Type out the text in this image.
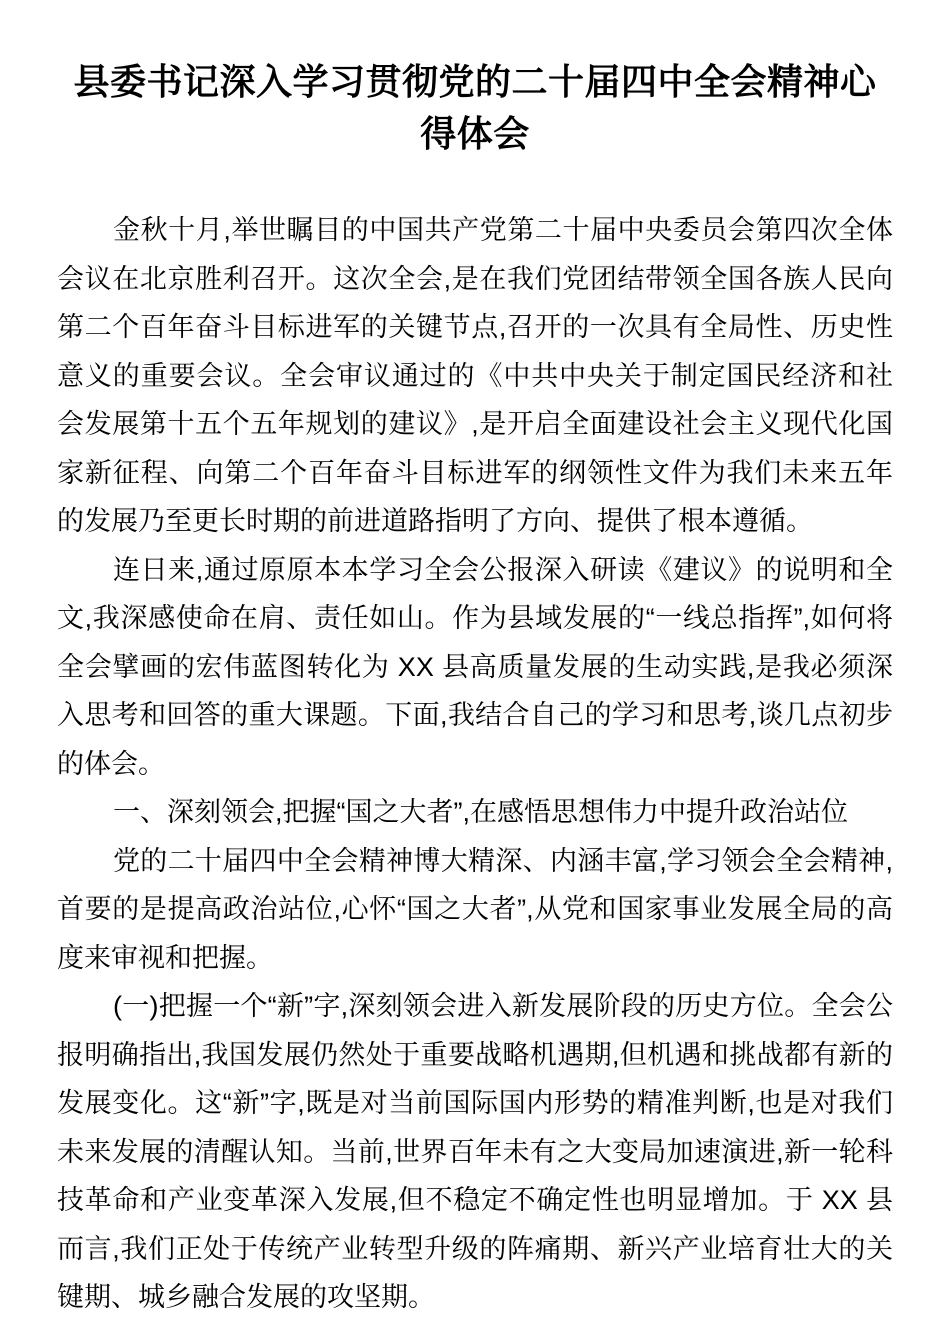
县委书记深入学习贯彻党的二十届四中全会精神心得体会

金秋十月,举世瞩目的中国共产党第二十届中央委员会第四次全体会议在北京胜利召开。这次全会,是在我们党团结带领全国各族人民向第二个百年奋斗目标进军的关键节点,召开的一次具有全局性、历史性意义的重要会议。全会审议通过的《中共中央关于制定国民经济和社会发展第十五个五年规划的建议》,是开启全面建设社会主义现代化国家新征程、向第二个百年奋斗目标进军的纲领性文件为我们未来五年的发展乃至更长时期的前进道路指明了方向、提供了根本遵循。

连日来,通过原原本本学习全会公报深入研读《建议》的说明和全文,我深感使命在肩、责任如山。作为县域发展的“一线总指挥”,如何将全会擘画的宏伟蓝图转化为 XX 县高质量发展的生动实践,是我必须深入思考和回答的重大课题。下面,我结合自己的学习和思考,谈几点初步的体会。

一、深刻领会,把握“国之大者”,在感悟思想伟力中提升政治站位

党的二十届四中全会精神博大精深、内涵丰富,学习领会全会精神,首要的是提高政治站位,心怀“国之大者”,从党和国家事业发展全局的高度来审视和把握。

(一)把握一个“新”字,深刻领会进入新发展阶段的历史方位。全会公报明确指出,我国发展仍然处于重要战略机遇期,但机遇和挑战都有新的发展变化。这“新”字,既是对当前国际国内形势的精准判断,也是对我们未来发展的清醒认知。当前,世界百年未有之大变局加速演进,新一轮科技革命和产业变革深入发展,但不稳定不确定性也明显增加。于 XX 县而言,我们正处于传统产业转型升级的阵痛期、新兴产业培育壮大的关键期、城乡融合发展的攻坚期。
